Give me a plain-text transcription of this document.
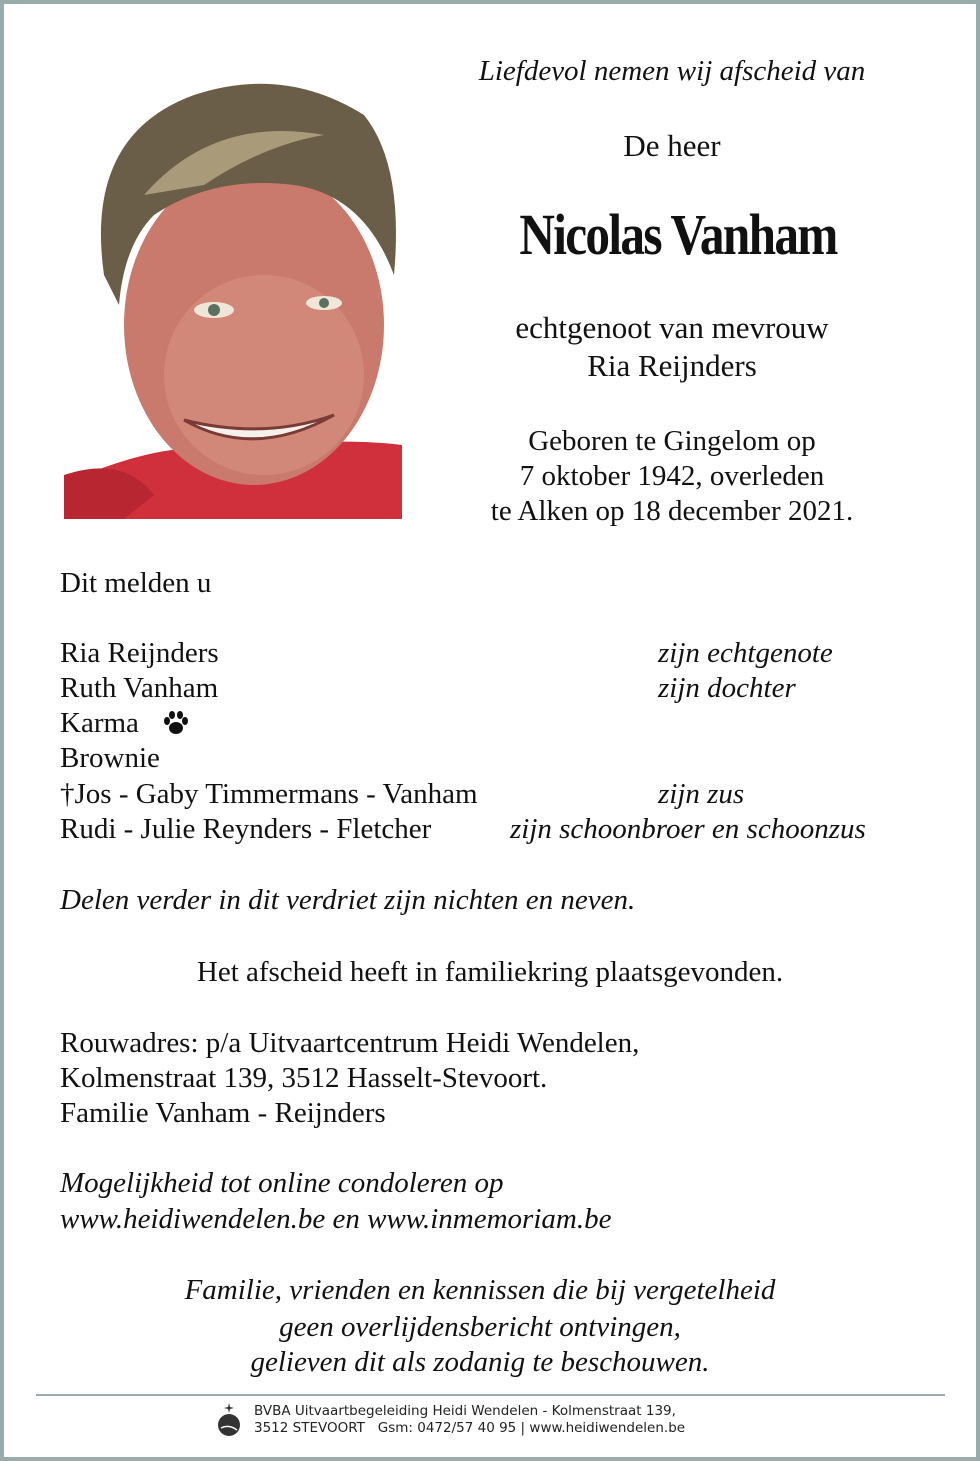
Liefdevol nemen wij afscheid van
De heer
Nicolas Vanham
echtgenoot van mevrouw
Ria Reijnders
Geboren te Gingelom op
7 oktober 1942, overleden
te Alken op 18 december 2021.
Dit melden u
Ria Reijnders	zijn echtgenote
Ruth Vanham	zijn dochter
Karma
Brownie
†Jos - Gaby Timmermans - Vanham	zijn zus
Rudi - Julie Reynders - Fletcher	zijn schoonbroer en schoonzus
Delen verder in dit verdriet zijn nichten en neven.
Het afscheid heeft in familiekring plaatsgevonden.
Rouwadres: p/a Uitvaartcentrum Heidi Wendelen,
Kolmenstraat 139, 3512 Hasselt-Stevoort.
Familie Vanham - Reijnders
Mogelijkheid tot online condoleren op
www.heidiwendelen.be en www.inmemoriam.be
Familie, vrienden en kennissen die bij vergetelheid
geen overlijdensbericht ontvingen,
gelieven dit als zodanig te beschouwen.
BVBA Uitvaartbegeleiding Heidi Wendelen - Kolmenstraat 139,
3512 STEVOORT   Gsm: 0472/57 40 95 | www.heidiwendelen.be
